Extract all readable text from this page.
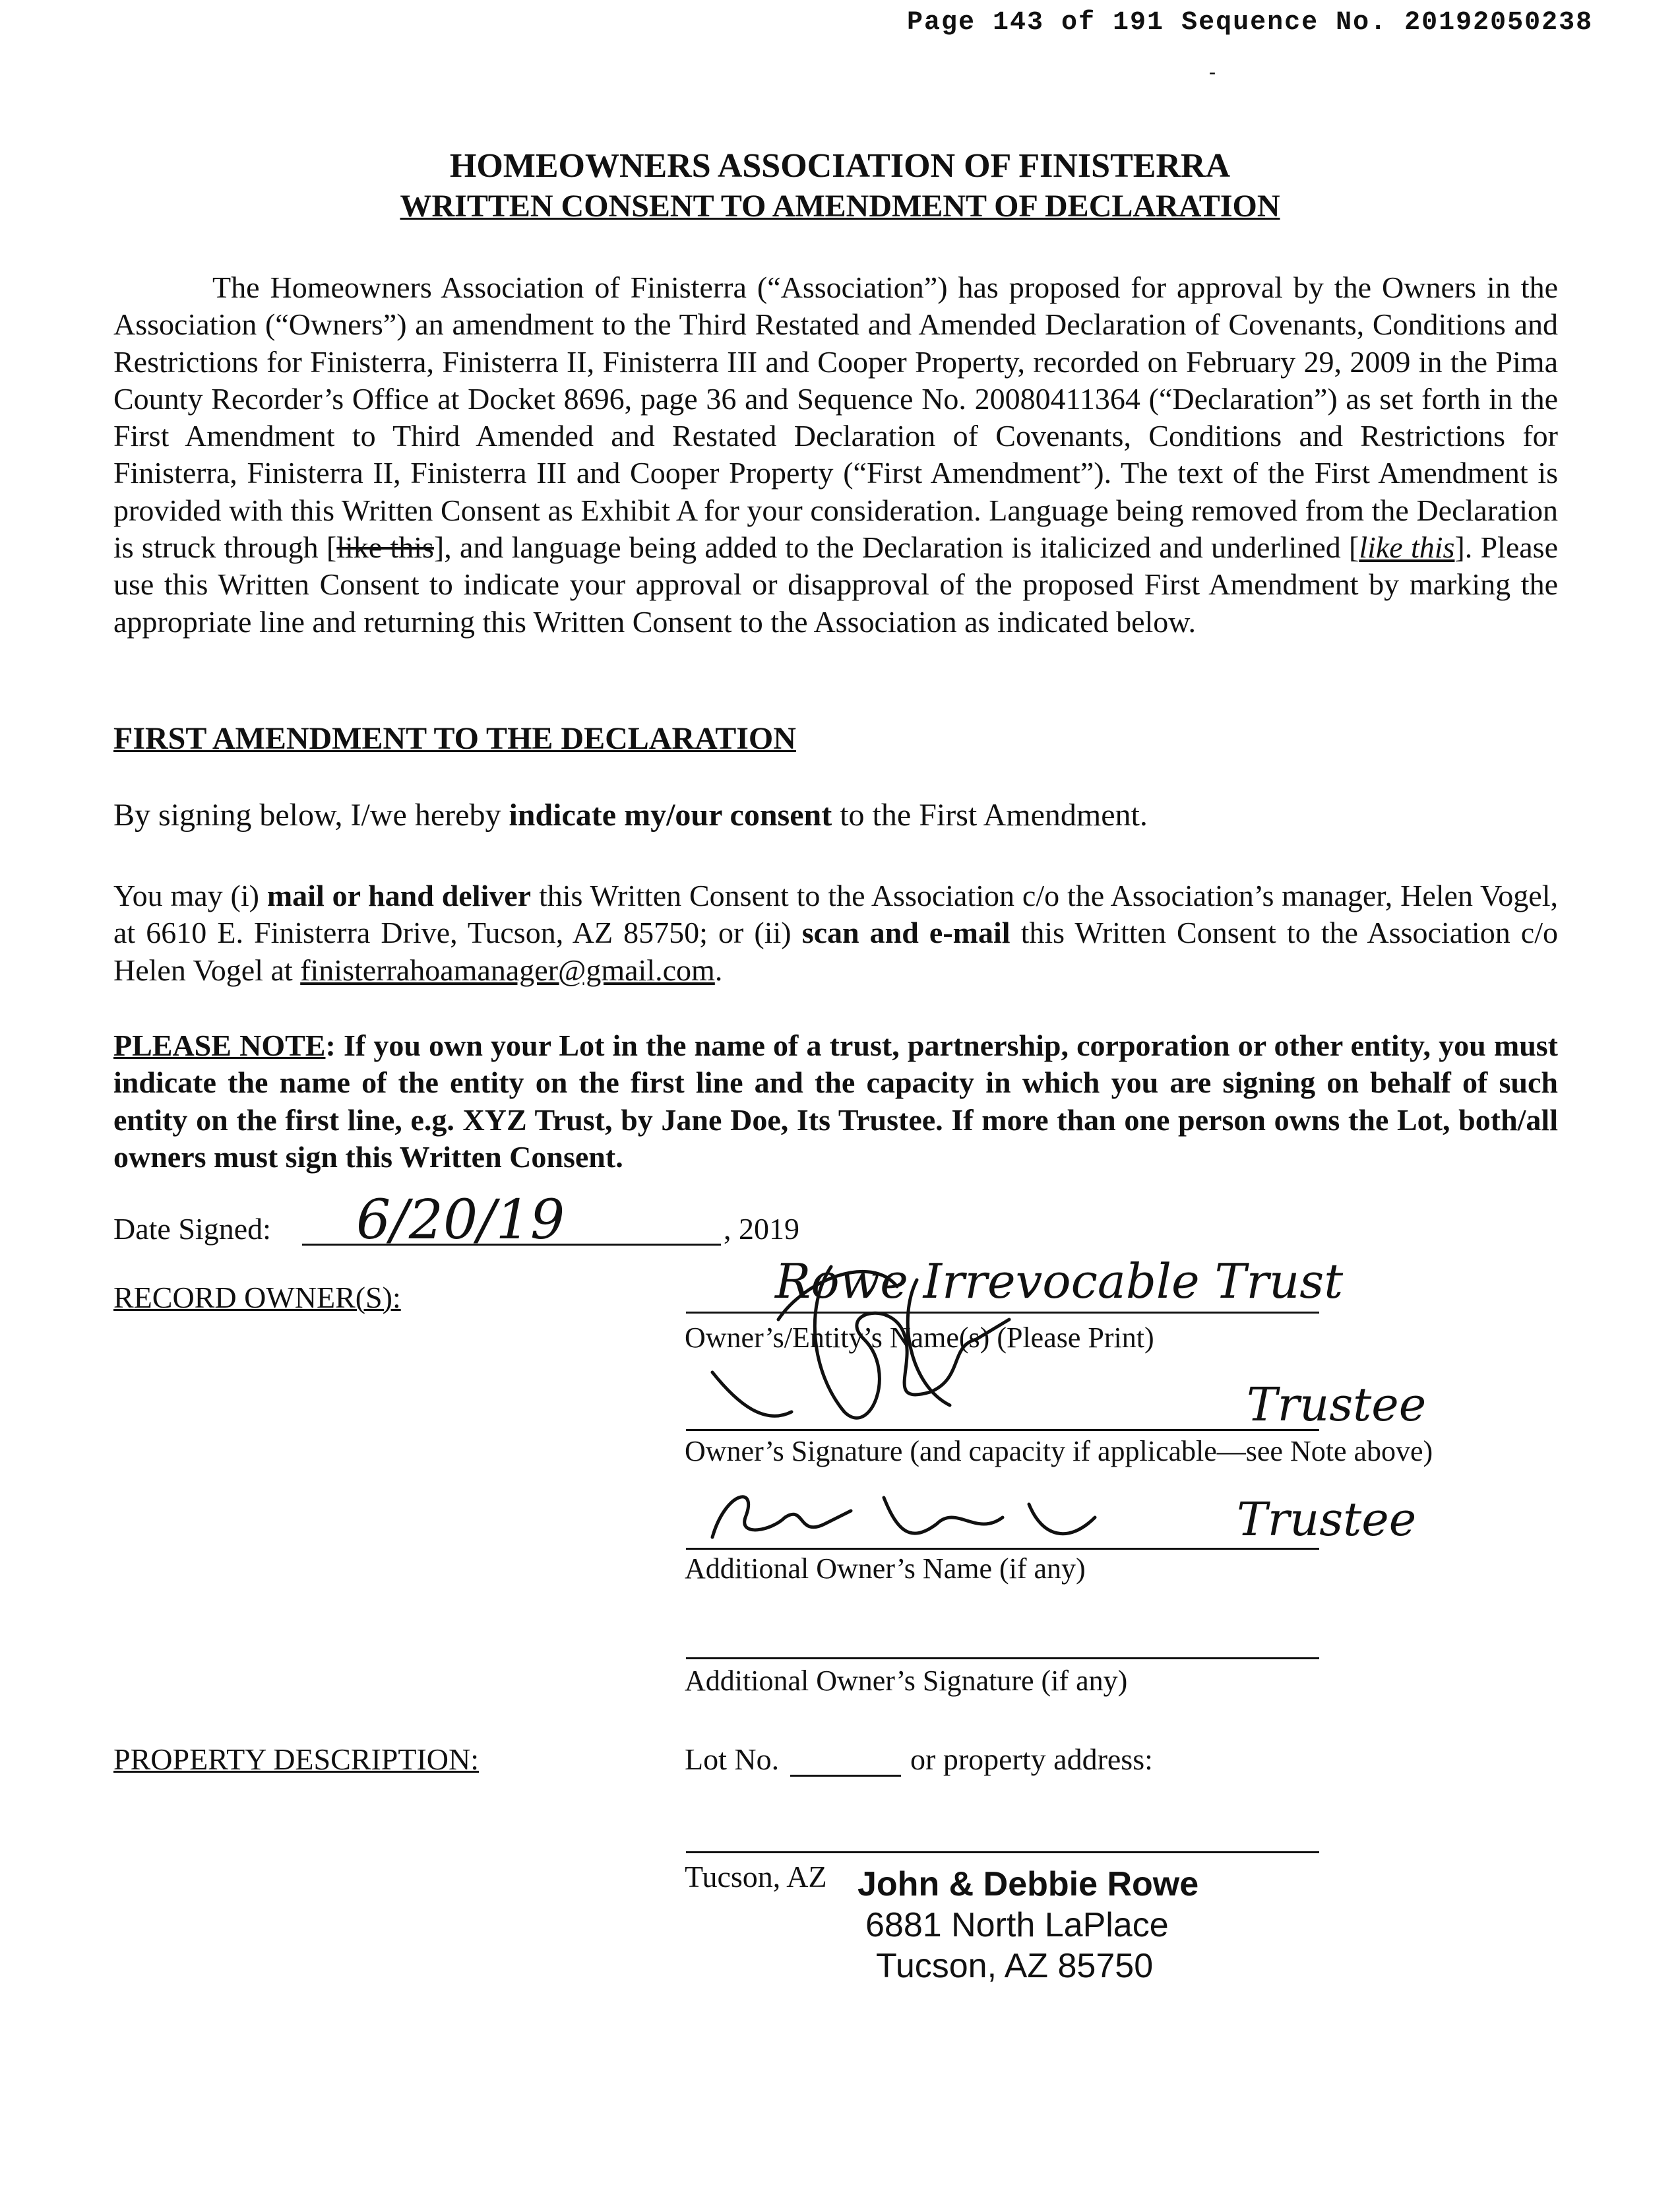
Page 143 of 191 Sequence No. 20192050238
-
HOMEOWNERS ASSOCIATION OF FINISTERRA
WRITTEN CONSENT TO AMENDMENT OF DECLARATION
The Homeowners Association of Finisterra (“Association”) has proposed for approval by the Owners in the Association (“Owners”) an amendment to the Third Restated and Amended Declaration of Covenants, Conditions and Restrictions for Finisterra, Finisterra II, Finisterra III and Cooper Property, recorded on February 29, 2009 in the Pima County Recorder’s Office at Docket 8696, page 36 and Sequence No. 20080411364 (“Declaration”) as set forth in the First Amendment to Third Amended and Restated Declaration of Covenants, Conditions and Restrictions for Finisterra, Finisterra II, Finisterra III and Cooper Property (“First Amendment”). The text of the First Amendment is provided with this Written Consent as Exhibit A for your consideration. Language being removed from the Declaration is struck through [like this], and language being added to the Declaration is italicized and underlined [like this]. Please use this Written Consent to indicate your approval or disapproval of the proposed First Amendment by marking the appropriate line and returning this Written Consent to the Association as indicated below.
FIRST AMENDMENT TO THE DECLARATION
By signing below, I/we hereby indicate my/our consent to the First Amendment.
You may (i) mail or hand deliver this Written Consent to the Association c/o the Association’s manager, Helen Vogel, at 6610 E. Finisterra Drive, Tucson, AZ 85750; or (ii) scan and e-mail this Written Consent to the Association c/o Helen Vogel at finisterrahoamanager@gmail.com.
PLEASE NOTE: If you own your Lot in the name of a trust, partnership, corporation or other entity, you must indicate the name of the entity on the first line and the capacity in which you are signing on behalf of such entity on the first line, e.g. XYZ Trust, by Jane Doe, Its Trustee. If more than one person owns the Lot, both/all owners must sign this Written Consent.
Date Signed: 6/20/19	, 2019
RECORD OWNER(S):	Rowe Irrevocable Trust
Owner’s/Entity’s Name(s) (Please Print)
Trustee
Owner’s Signature (and capacity if applicable—see Note above)
Trustee
Additional Owner’s Name (if any)
Additional Owner’s Signature (if any)
PROPERTY DESCRIPTION:	Lot No.	or property address:
Tucson, AZ John & Debbie Rowe
6881 North LaPlace
Tucson, AZ 85750
